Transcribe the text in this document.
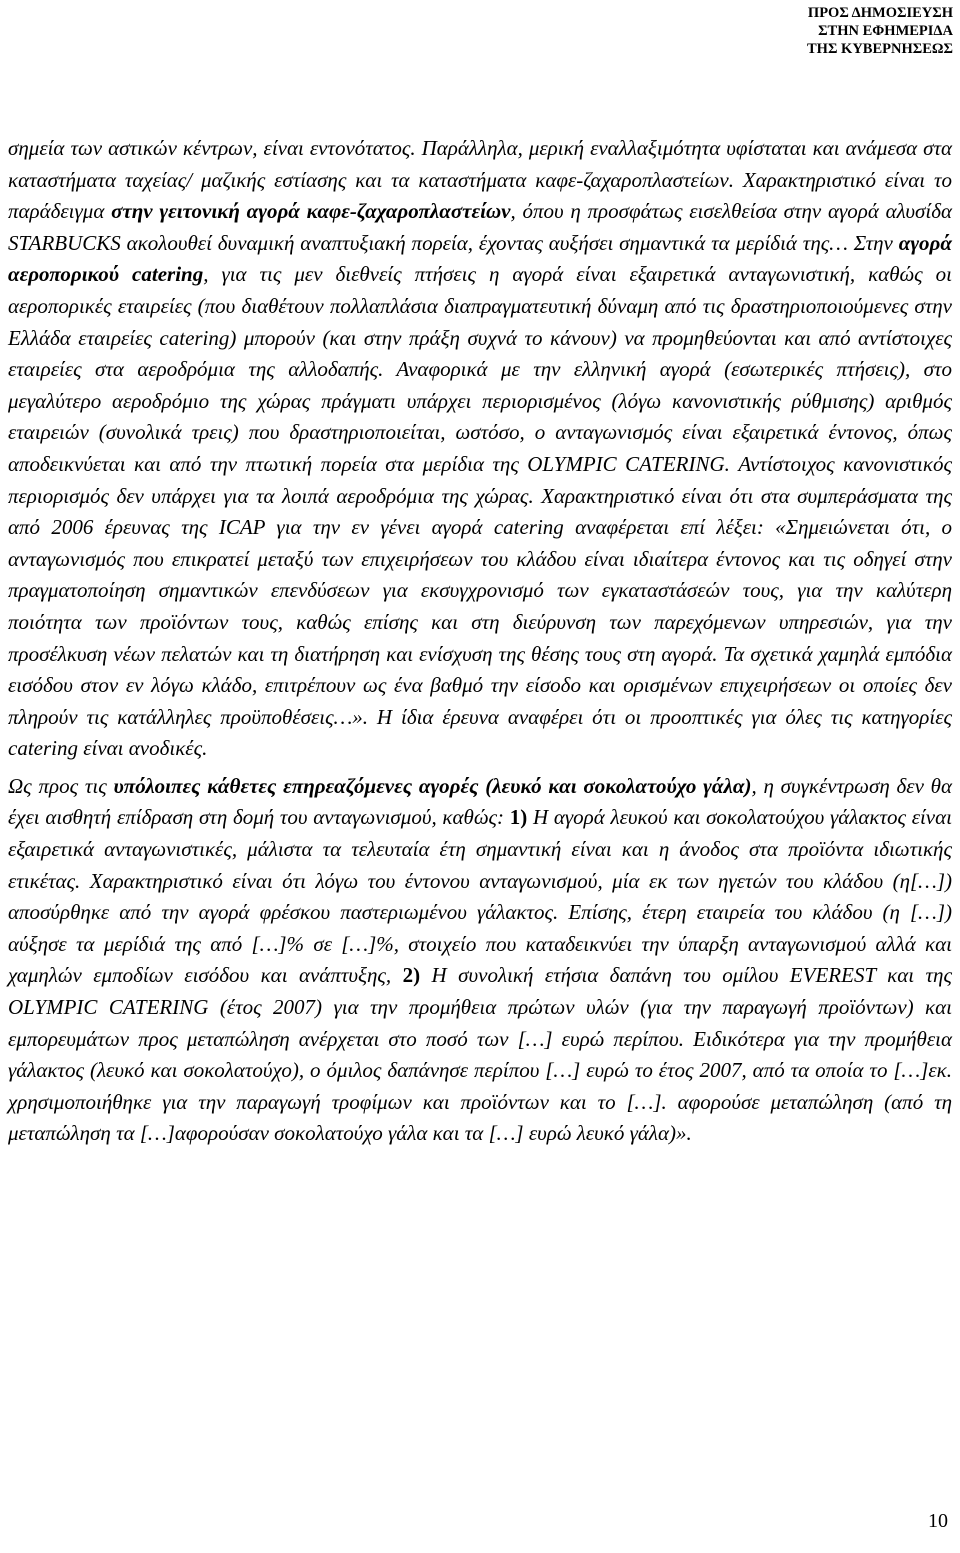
ΠΡΟΣ ΔΗΜΟΣΙΕΥΣΗ
ΣΤΗΝ ΕΦΗΜΕΡΙΔΑ
ΤΗΣ ΚΥΒΕΡΝΗΣΕΩΣ

σημεία των αστικών κέντρων, είναι εντονότατος. Παράλληλα, μερική εναλλαξιμότητα υφίσταται και ανάμεσα στα καταστήματα ταχείας/ μαζικής εστίασης και τα καταστήματα καφε-ζαχαροπλαστείων. Χαρακτηριστικό είναι το παράδειγμα στην γειτονική αγορά καφε-ζαχαροπλαστείων, όπου η προσφάτως εισελθείσα στην αγορά αλυσίδα STARBUCKS ακολουθεί δυναμική αναπτυξιακή πορεία, έχοντας αυξήσει σημαντικά τα μερίδιά της… Στην αγορά αεροπορικού catering, για τις μεν διεθνείς πτήσεις η αγορά είναι εξαιρετικά ανταγωνιστική, καθώς οι αεροπορικές εταιρείες (που διαθέτουν πολλαπλάσια διαπραγματευτική δύναμη από τις δραστηριοποιούμενες στην Ελλάδα εταιρείες catering) μπορούν (και στην πράξη συχνά το κάνουν) να προμηθεύονται και από αντίστοιχες εταιρείες στα αεροδρόμια της αλλοδαπής. Αναφορικά με την ελληνική αγορά (εσωτερικές πτήσεις), στο μεγαλύτερο αεροδρόμιο της χώρας πράγματι υπάρχει περιορισμένος (λόγω κανονιστικής ρύθμισης) αριθμός εταιρειών (συνολικά τρεις) που δραστηριοποιείται, ωστόσο, ο ανταγωνισμός είναι εξαιρετικά έντονος, όπως αποδεικνύεται και από την πτωτική πορεία στα μερίδια της OLYMPIC CATERING. Αντίστοιχος κανονιστικός περιορισμός δεν υπάρχει για τα λοιπά αεροδρόμια της χώρας. Χαρακτηριστικό είναι ότι στα συμπεράσματα της από 2006 έρευνας της ICAP για την εν γένει αγορά catering αναφέρεται επί λέξει: «Σημειώνεται ότι, ο ανταγωνισμός που επικρατεί μεταξύ των επιχειρήσεων του κλάδου είναι ιδιαίτερα έντονος και τις οδηγεί στην πραγματοποίηση σημαντικών επενδύσεων για εκσυγχρονισμό των εγκαταστάσεών τους, για την καλύτερη ποιότητα των προϊόντων τους, καθώς επίσης και στη διεύρυνση των παρεχόμενων υπηρεσιών, για την προσέλκυση νέων πελατών και τη διατήρηση και ενίσχυση της θέσης τους στη αγορά. Τα σχετικά χαμηλά εμπόδια εισόδου στον εν λόγω κλάδο, επιτρέπουν ως ένα βαθμό την είσοδο και ορισμένων επιχειρήσεων οι οποίες δεν πληρούν τις κατάλληλες προϋποθέσεις…». Η ίδια έρευνα αναφέρει ότι οι προοπτικές για όλες τις κατηγορίες catering είναι ανοδικές.

Ως προς τις υπόλοιπες κάθετες επηρεαζόμενες αγορές (λευκό και σοκολατούχο γάλα), η συγκέντρωση δεν θα έχει αισθητή επίδραση στη δομή του ανταγωνισμού, καθώς: 1) Η αγορά λευκού και σοκολατούχου γάλακτος είναι εξαιρετικά ανταγωνιστικές, μάλιστα τα τελευταία έτη σημαντική είναι και η άνοδος στα προϊόντα ιδιωτικής ετικέτας. Χαρακτηριστικό είναι ότι λόγω του έντονου ανταγωνισμού, μία εκ των ηγετών του κλάδου (η[…]) αποσύρθηκε από την αγορά φρέσκου παστεριωμένου γάλακτος. Επίσης, έτερη εταιρεία του κλάδου (η […]) αύξησε τα μερίδιά της από […]% σε […]%, στοιχείο που καταδεικνύει την ύπαρξη ανταγωνισμού αλλά και χαμηλών εμποδίων εισόδου και ανάπτυξης, 2) Η συνολική ετήσια δαπάνη του ομίλου EVEREST και της OLYMPIC CATERING (έτος 2007) για την προμήθεια πρώτων υλών (για την παραγωγή προϊόντων) και εμπορευμάτων προς μεταπώληση ανέρχεται στο ποσό των […] ευρώ περίπου. Ειδικότερα για την προμήθεια γάλακτος (λευκό και σοκολατούχο), ο όμιλος δαπάνησε περίπου […] ευρώ το έτος 2007, από τα οποία το […]εκ. χρησιμοποιήθηκε για την παραγωγή τροφίμων και προϊόντων και το […]. αφορούσε μεταπώληση (από τη μεταπώληση τα […]αφορούσαν σοκολατούχο γάλα και τα […] ευρώ λευκό γάλα)».

10
